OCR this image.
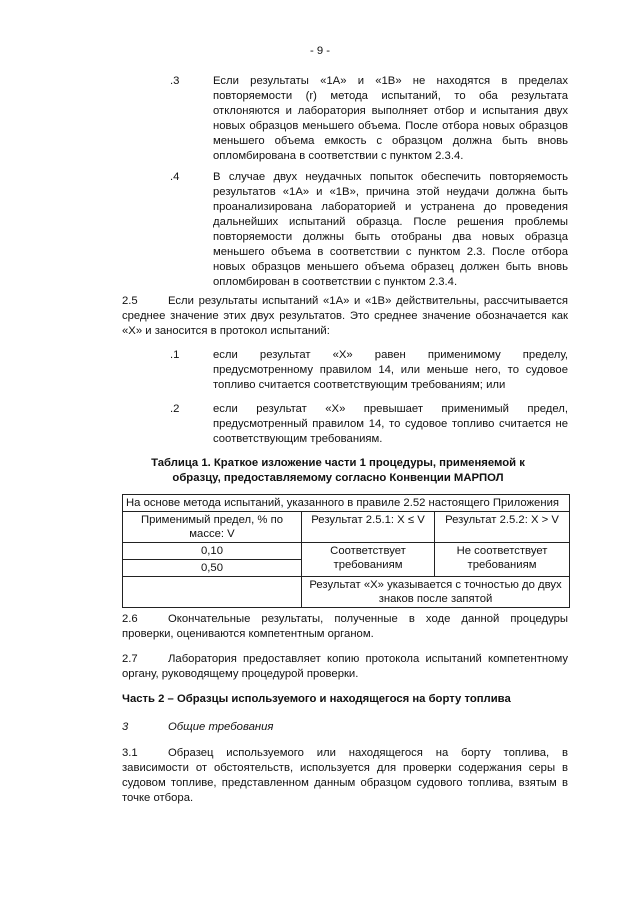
- 9 -
.3	Если результаты «1A» и «1B» не находятся в пределах повторяемости (r) метода испытаний, то оба результата отклоняются и лаборатория выполняет отбор и испытания двух новых образцов меньшего объема. После отбора новых образцов меньшего объема емкость с образцом должна быть вновь опломбирована в соответствии с пунктом 2.3.4.
.4	В случае двух неудачных попыток обеспечить повторяемость результатов «1A» и «1B», причина этой неудачи должна быть проанализирована лабораторией и устранена до проведения дальнейших испытаний образца. После решения проблемы повторяемости должны быть отобраны два новых образца меньшего объема в соответствии с пунктом 2.3. После отбора новых образцов меньшего объема образец должен быть вновь опломбирован в соответствии с пунктом 2.3.4.
2.5	Если результаты испытаний «1A» и «1B» действительны, рассчитывается среднее значение этих двух результатов. Это среднее значение обозначается как «X» и заносится в протокол испытаний:
.1	если результат «X» равен применимому пределу, предусмотренному правилом 14, или меньше него, то судовое топливо считается соответствующим требованиям; или
.2	если результат «X» превышает применимый предел, предусмотренный правилом 14, то судовое топливо считается не соответствующим требованиям.
Таблица 1. Краткое изложение части 1 процедуры, применяемой к образцу, предоставляемому согласно Конвенции МАРПОЛ
На основе метода испытаний, указанного в правиле 2.52 настоящего Приложения		
Применимый предел, % по массе: V	Результат 2.5.1: X ≤ V	Результат 2.5.2: X > V
0,10	Соответствует требованиям	Не соответствует требованиям
0,50		
	Результат «X» указывается с точностью до двух знаков после запятой	
2.6	Окончательные результаты, полученные в ходе данной процедуры проверки, оцениваются компетентным органом.
2.7	Лаборатория предоставляет копию протокола испытаний компетентному органу, руководящему процедурой проверки.
Часть 2 – Образцы используемого и находящегося на борту топлива
3	Общие требования
3.1	Образец используемого или находящегося на борту топлива, в зависимости от обстоятельств, используется для проверки содержания серы в судовом топливе, представленном данным образцом судового топлива, взятым в точке отбора.
